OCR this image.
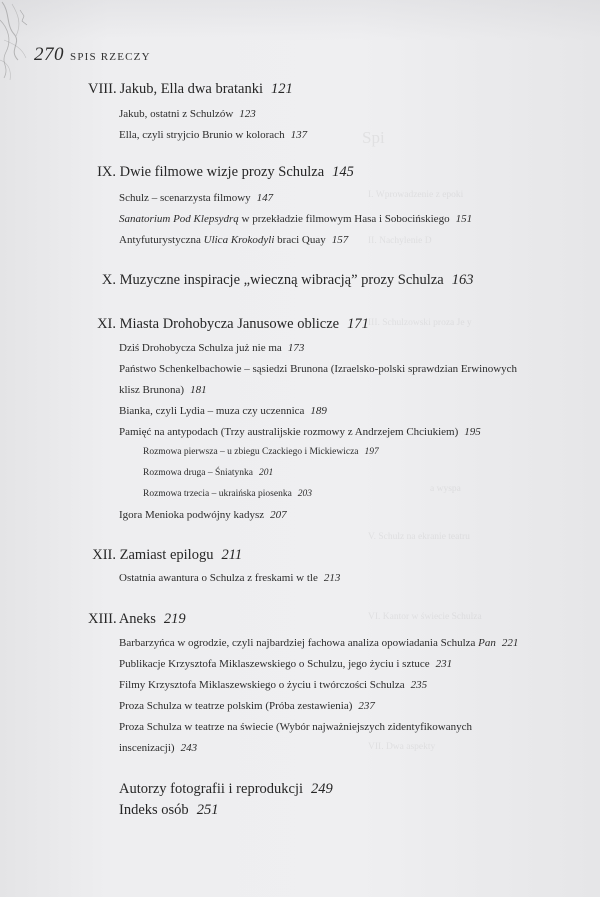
270 SPIS RZECZY
Spi
I. Wprowadzenie z epoki
II. Nachylenie D
III. Schulzowski proza Je y
a wyspa
V. Schulz na ekranie teatru
VI. Kantor w świecie Schulza
VII. Dwa aspekty
VIII. Jakub, Ella dwa bratanki 121
Jakub, ostatni z Schulzów 123
Ella, czyli stryjcio Brunio w kolorach 137
IX. Dwie filmowe wizje prozy Schulza 145
Schulz – scenarzysta filmowy 147
Sanatorium Pod Klepsydrą w przekładzie filmowym Hasa i Sobocińskiego 151
Antyfuturystyczna Ulica Krokodyli braci Quay 157
X. Muzyczne inspiracje „wieczną wibracją” prozy Schulza 163
XI. Miasta Drohobycza Janusowe oblicze 171
Dziś Drohobycza Schulza już nie ma 173
Państwo Schenkelbachowie – sąsiedzi Brunona (Izraelsko-polski sprawdzian Erwinowych
klisz Brunona) 181
Bianka, czyli Lydia – muza czy uczennica 189
Pamięć na antypodach (Trzy australijskie rozmowy z Andrzejem Chciukiem) 195
Rozmowa pierwsza – u zbiegu Czackiego i Mickiewicza 197
Rozmowa druga – Śniatynka 201
Rozmowa trzecia – ukraińska piosenka 203
Igora Menioka podwójny kadysz 207
XII. Zamiast epilogu 211
Ostatnia awantura o Schulza z freskami w tle 213
XIII. Aneks 219
Barbarzyńca w ogrodzie, czyli najbardziej fachowa analiza opowiadania Schulza Pan 221
Publikacje Krzysztofa Miklaszewskiego o Schulzu, jego życiu i sztuce 231
Filmy Krzysztofa Miklaszewskiego o życiu i twórczości Schulza 235
Proza Schulza w teatrze polskim (Próba zestawienia) 237
Proza Schulza w teatrze na świecie (Wybór najważniejszych zidentyfikowanych
inscenizacji) 243
Autorzy fotografii i reprodukcji 249
Indeks osób 251
